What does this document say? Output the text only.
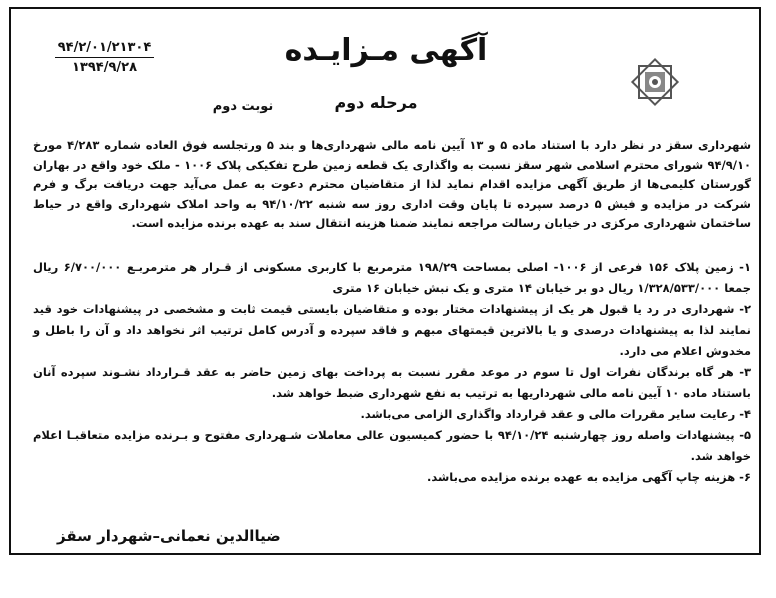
۹۴/۲/۰۱/۲۱۳۰۴
۱۳۹۴/۹/۲۸	آگهی مـزایـده
مرحله دوم
نوبت دوم
شهرداری سقز در نظر دارد با استناد ماده ۵ و ۱۳ آیین نامه مالی شهرداری‌ها و بند ۵ ورتجلسه فوق العاده شماره ۴/۲۸۳ مورخ ۹۴/۹/۱۰ شورای محترم اسلامی شهر سقز نسبت به واگذاری یک قطعه زمین طرح تفکیکی پلاک ۱۰۰۶ - ملک خود واقع در بهاران گورستان کلیمی‌ها از طریق آگهی مزایده اقدام نماید لذا از متقاضیان محترم دعوت به عمل می‌آید جهت دریافت برگ و فرم شرکت در مزایده و فیش ۵ درصد سپرده تا پایان وقت اداری روز سه شنبه ۹۴/۱۰/۲۲ به واحد املاک شهرداری واقع در حیاط ساختمان شهرداری مرکزی در خیابان رسالت مراجعه نمایند ضمنا هزینه انتقال سند به عهده برنده مزایده است.

۱- زمین پلاک ۱۵۶ فرعی از ۱۰۰۶- اصلی بمساحت ۱۹۸/۲۹ مترمربع با کاربری مسکونی از قـرار هر مترمربـع ۶/۷۰۰/۰۰۰ ریال جمعا ۱/۳۲۸/۵۳۳/۰۰۰ ریال دو بر خیابان ۱۴ متری و یک نبش خیابان ۱۶ متری

۲- شهرداری در رد یا قبول هر یک از پیشنهادات مختار بوده و متقاضیان بایستی قیمت ثابت و مشخصی در پیشنهادات خود قید نمایند لذا به پیشنهادات درصدی و یا بالاترین قیمتهای مبهم و فاقد سپرده و آدرس کامل ترتیب اثر نخواهد داد و آن را باطل و مخدوش اعلام می دارد.

۳- هر گاه برندگان نفرات اول تا سوم در موعد مقرر نسبت به پرداخت بهای زمین حاضر به عقد قـرارداد نشـوند سپرده آنان باستناد ماده ۱۰ آیین نامه مالی شهرداریها به ترتیب به نفع شهرداری ضبط خواهد شد.

۴- رعایت سایر مقررات مالی و عقد قرارداد واگذاری الزامی می‌باشد.

۵- پیشنهادات واصله روز چهارشنبه ۹۴/۱۰/۲۴ با حضور کمیسیون عالی معاملات شـهرداری مفتوح و بـرنده مزایده متعاقبـا اعلام خواهد شد.

۶- هزینه چاپ آگهی مزایده به عهده برنده مزایده می‌باشد.

ضیاالدین نعمانی–شهردار سقز
